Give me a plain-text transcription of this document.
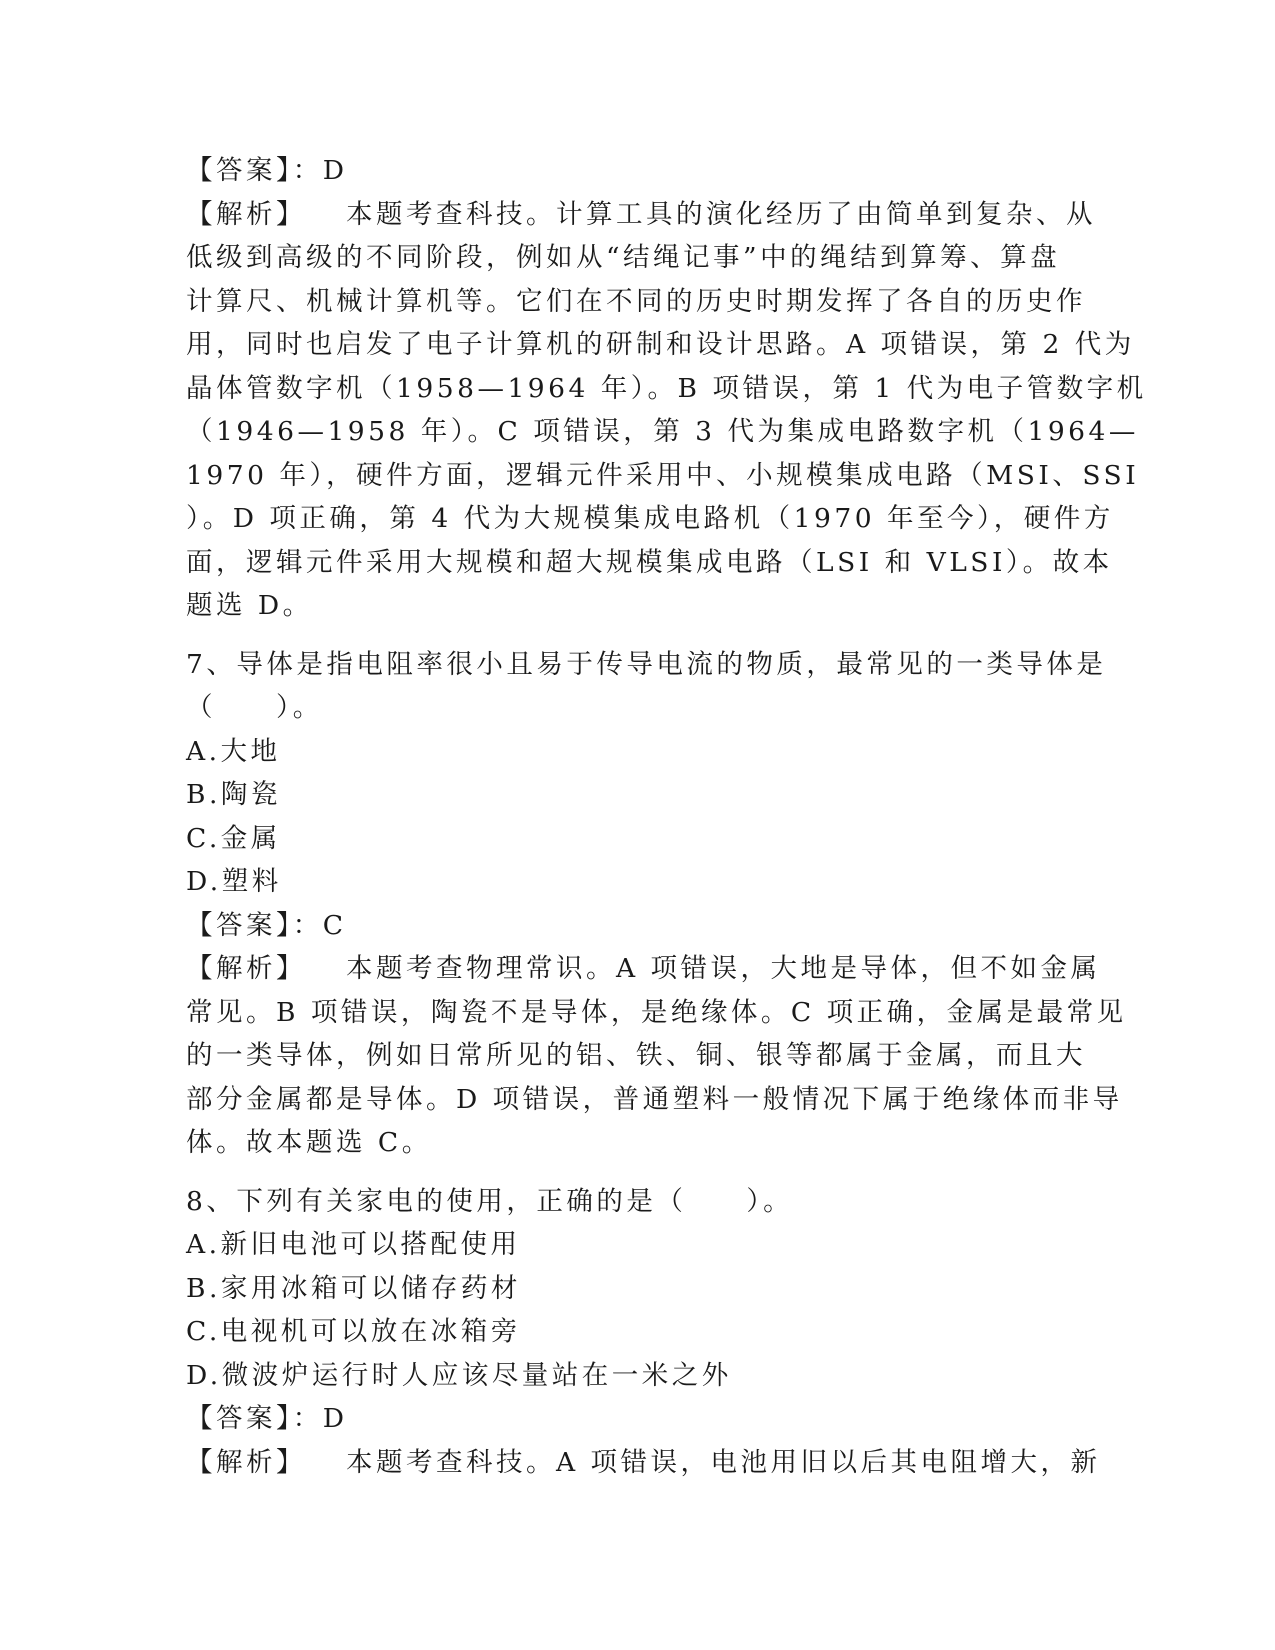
【答案】：D
【解析】 本题考查科技。计算工具的演化经历了由简单到复杂、从
低级到高级的不同阶段，例如从“结绳记事”中的绳结到算筹、算盘
计算尺、机械计算机等。它们在不同的历史时期发挥了各自的历史作
用，同时也启发了电子计算机的研制和设计思路。A 项错误，第 2 代为
晶体管数字机（1958—1964 年）。B 项错误，第 1 代为电子管数字机
（1946—1958 年）。C 项错误，第 3 代为集成电路数字机（1964—
1970 年），硬件方面，逻辑元件采用中、小规模集成电路（MSI、SSI
）。D 项正确，第 4 代为大规模集成电路机（1970 年至今），硬件方
面，逻辑元件采用大规模和超大规模集成电路（LSI 和 VLSI）。故本
题选 D。
7、导体是指电阻率很小且易于传导电流的物质，最常见的一类导体是
（　　）。
A.大地
B.陶瓷
C.金属
D.塑料
【答案】：C
【解析】 本题考查物理常识。A 项错误，大地是导体，但不如金属
常见。B 项错误，陶瓷不是导体，是绝缘体。C 项正确，金属是最常见
的一类导体，例如日常所见的铝、铁、铜、银等都属于金属，而且大
部分金属都是导体。D 项错误，普通塑料一般情况下属于绝缘体而非导
体。故本题选 C。
8、下列有关家电的使用，正确的是（　　）。
A.新旧电池可以搭配使用
B.家用冰箱可以储存药材
C.电视机可以放在冰箱旁
D.微波炉运行时人应该尽量站在一米之外
【答案】：D
【解析】 本题考查科技。A 项错误，电池用旧以后其电阻增大，新
